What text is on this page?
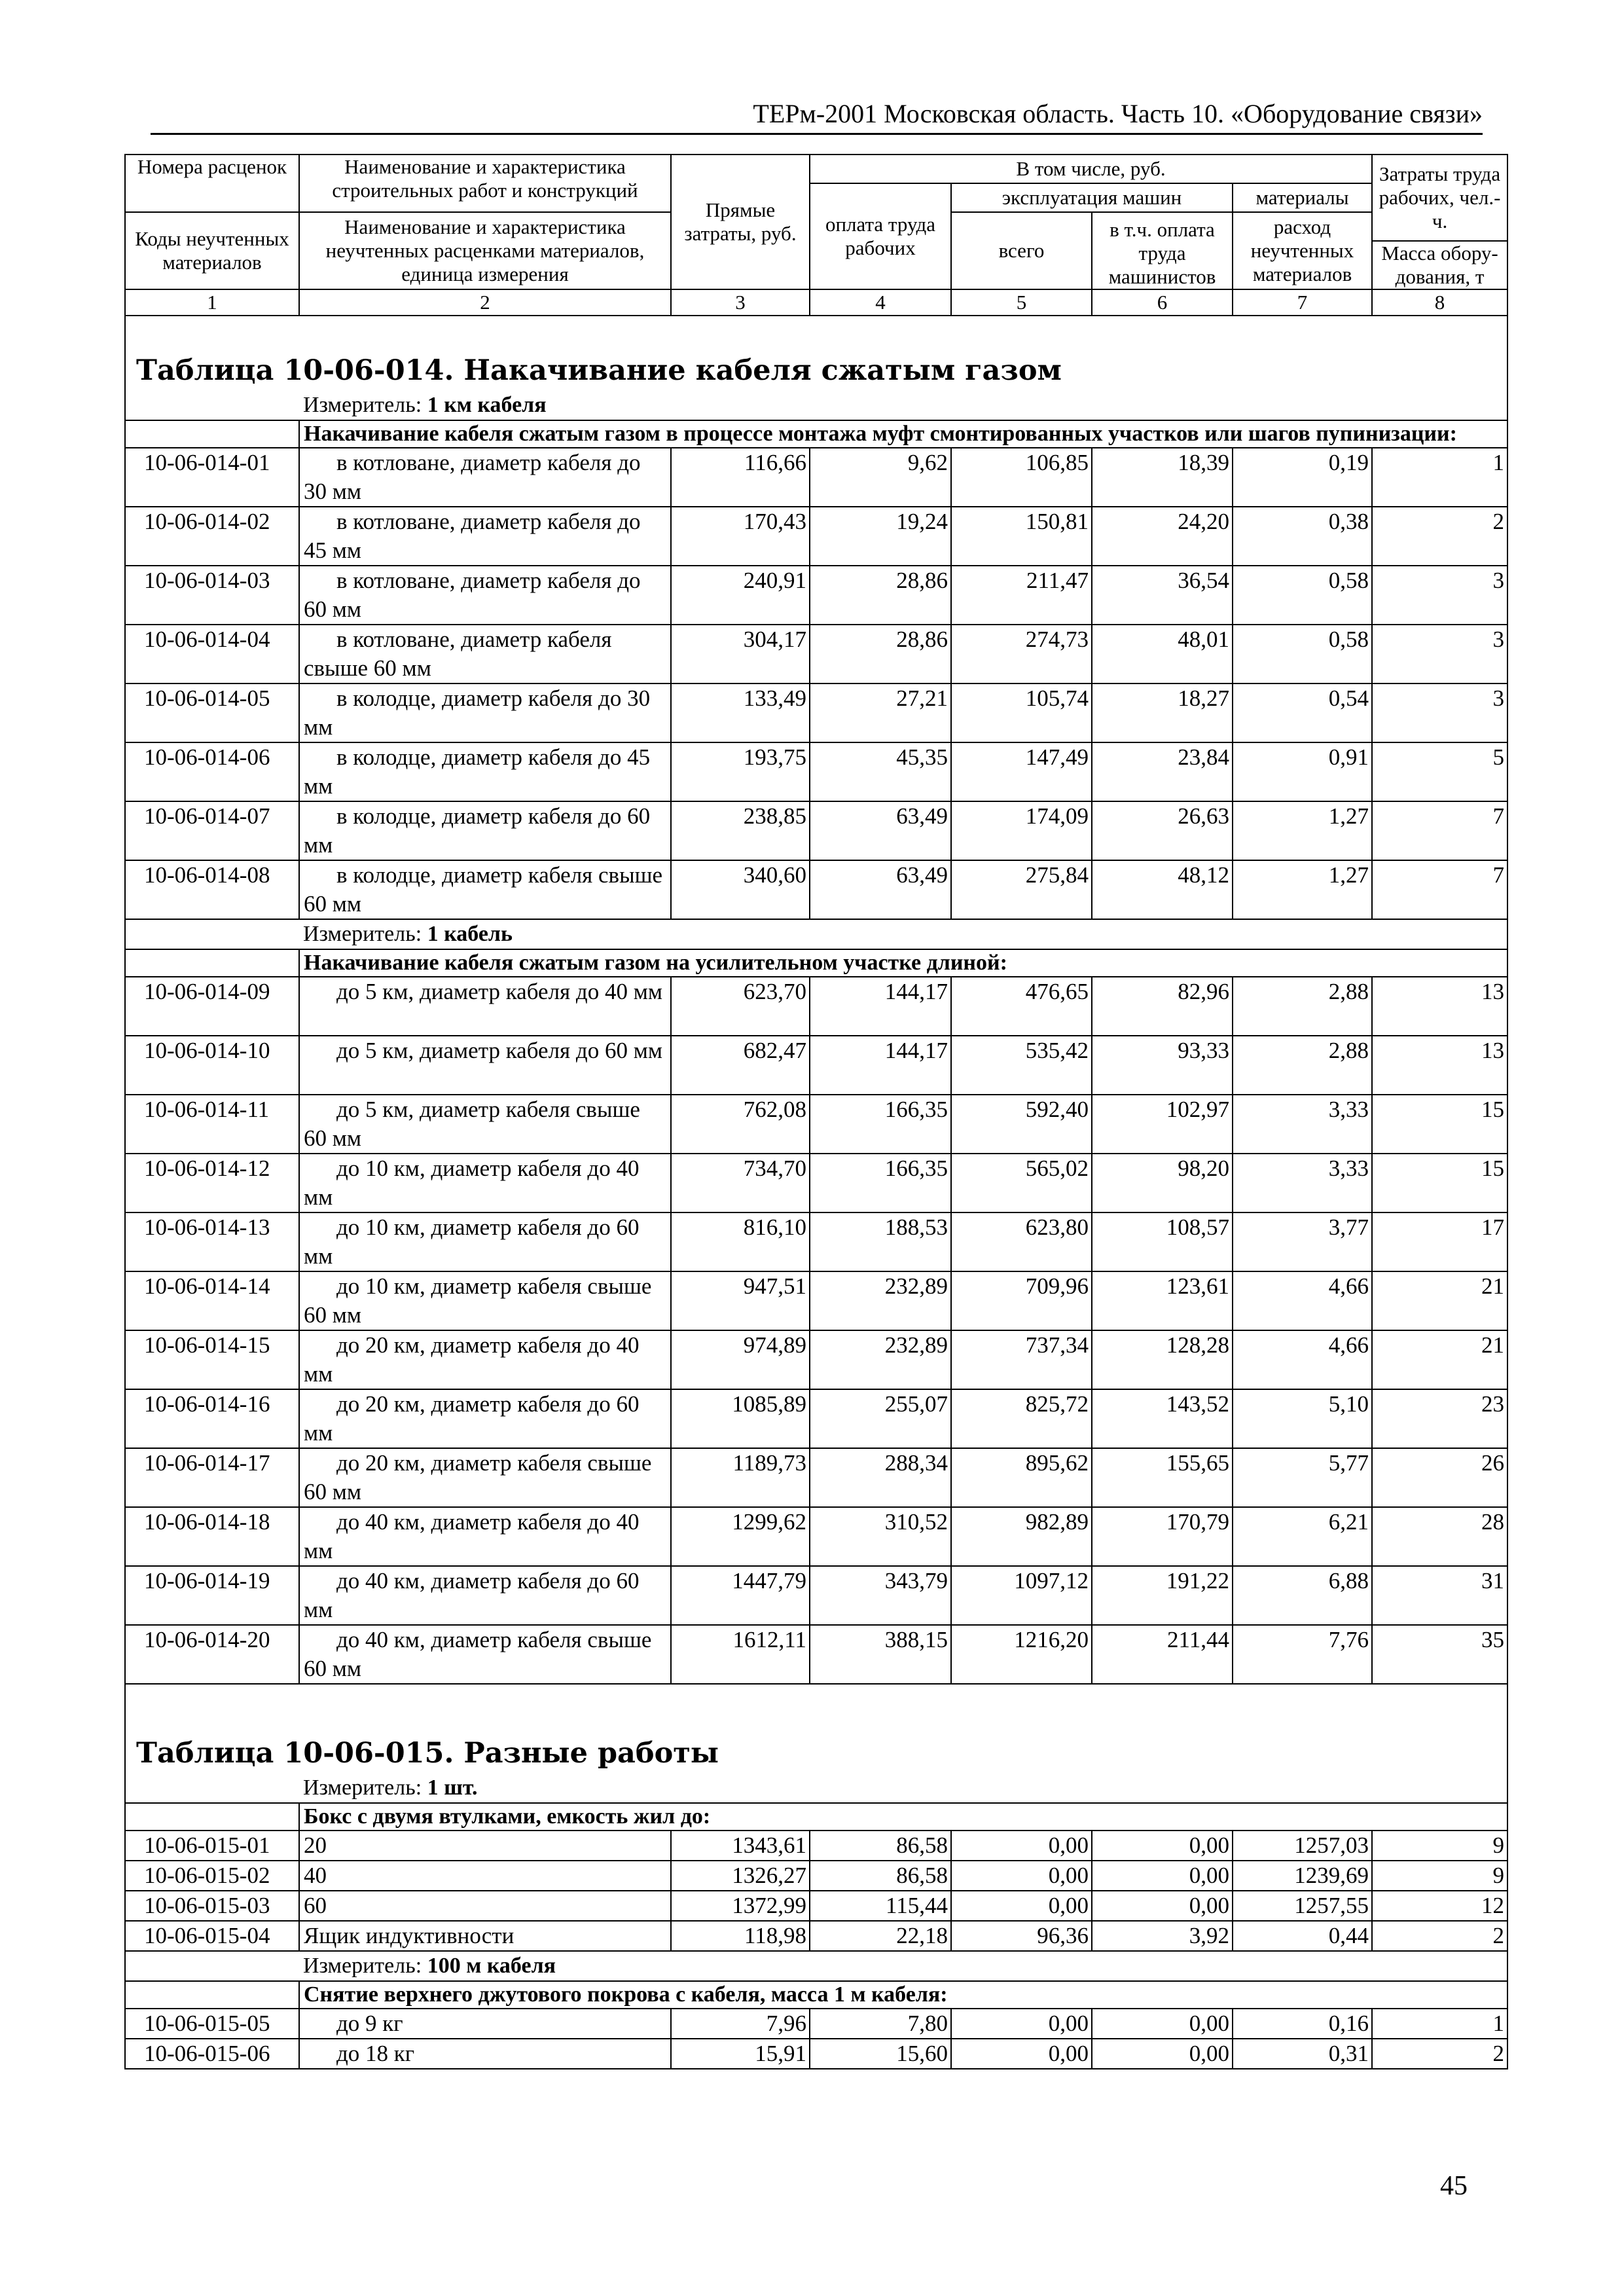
ТЕРм-2001 Московская область. Часть 10. «Оборудование связи»
Номера расценок	Наименование и характеристика строительных работ и конструкций	Прямые затраты, руб.	В том числе, руб.				Затраты труда рабочих, чел.-ч.
			оплата труда рабочих	эксплуатация машин		материалы	
Коды неучтенных материалов	Наименование и характеристика неучтенных расценками материалов, единица измерения			всего	в т.ч. оплата труда машинистов	расход неучтенных материалов	
							Масса обору-дования, т
1	2	3	4	5	6	7	8

Таблица 10-06-014. Накачивание кабеля сжатым газом							
	Измеритель: 1 км кабеля						
	Накачивание кабеля сжатым газом в процессе монтажа муфт смонтированных участков или шагов пупинизации:						
10-06-014-01	в котловане, диаметр кабеля до 30 мм	116,66	9,62	106,85	18,39	0,19	1
10-06-014-02	в котловане, диаметр кабеля до 45 мм	170,43	19,24	150,81	24,20	0,38	2
10-06-014-03	в котловане, диаметр кабеля до 60 мм	240,91	28,86	211,47	36,54	0,58	3
10-06-014-04	в котловане, диаметр кабеля свыше 60 мм	304,17	28,86	274,73	48,01	0,58	3
10-06-014-05	в колодце, диаметр кабеля до 30 мм	133,49	27,21	105,74	18,27	0,54	3
10-06-014-06	в колодце, диаметр кабеля до 45 мм	193,75	45,35	147,49	23,84	0,91	5
10-06-014-07	в колодце, диаметр кабеля до 60 мм	238,85	63,49	174,09	26,63	1,27	7
10-06-014-08	в колодце, диаметр кабеля свыше 60 мм	340,60	63,49	275,84	48,12	1,27	7
	Измеритель: 1 кабель						
	Накачивание кабеля сжатым газом на усилительном участке длиной:						
10-06-014-09	до 5 км, диаметр кабеля до 40 мм	623,70	144,17	476,65	82,96	2,88	13
10-06-014-10	до 5 км, диаметр кабеля до 60 мм	682,47	144,17	535,42	93,33	2,88	13
10-06-014-11	до 5 км, диаметр кабеля свыше 60 мм	762,08	166,35	592,40	102,97	3,33	15
10-06-014-12	до 10 км, диаметр кабеля до 40 мм	734,70	166,35	565,02	98,20	3,33	15
10-06-014-13	до 10 км, диаметр кабеля до 60 мм	816,10	188,53	623,80	108,57	3,77	17
10-06-014-14	до 10 км, диаметр кабеля свыше 60 мм	947,51	232,89	709,96	123,61	4,66	21
10-06-014-15	до 20 км, диаметр кабеля до 40 мм	974,89	232,89	737,34	128,28	4,66	21
10-06-014-16	до 20 км, диаметр кабеля до 60 мм	1085,89	255,07	825,72	143,52	5,10	23
10-06-014-17	до 20 км, диаметр кабеля свыше 60 мм	1189,73	288,34	895,62	155,65	5,77	26
10-06-014-18	до 40 км, диаметр кабеля до 40 мм	1299,62	310,52	982,89	170,79	6,21	28
10-06-014-19	до 40 км, диаметр кабеля до 60 мм	1447,79	343,79	1097,12	191,22	6,88	31
10-06-014-20	до 40 км, диаметр кабеля свыше 60 мм	1612,11	388,15	1216,20	211,44	7,76	35

Таблица 10-06-015. Разные работы							
	Измеритель: 1 шт.						
	Бокс с двумя втулками, емкость жил до:						
10-06-015-01	20	1343,61	86,58	0,00	0,00	1257,03	9
10-06-015-02	40	1326,27	86,58	0,00	0,00	1239,69	9
10-06-015-03	60	1372,99	115,44	0,00	0,00	1257,55	12
10-06-015-04	Ящик индуктивности	118,98	22,18	96,36	3,92	0,44	2
	Измеритель: 100 м кабеля						
	Снятие верхнего джутового покрова с кабеля, масса 1 м кабеля:						
10-06-015-05	до 9 кг	7,96	7,80	0,00	0,00	0,16	1
10-06-015-06	до 18 кг	15,91	15,60	0,00	0,00	0,31	2
45
